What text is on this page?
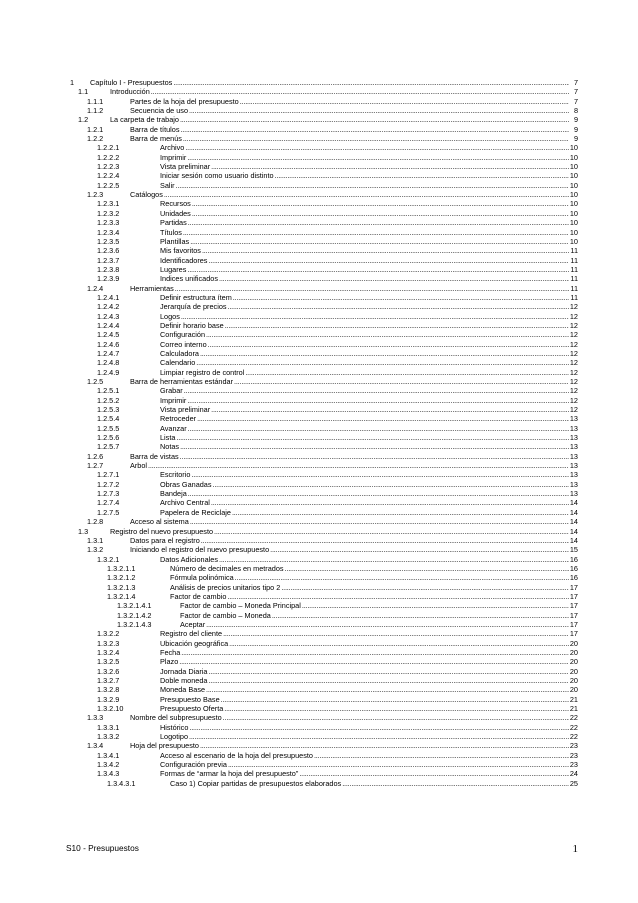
1 Capítulo I - Presupuestos .....	7
1.1	Introducción .....	7
1.1.1	Partes de la hoja del presupuesto .....	7
1.1.2	Secuencia de uso .....	8
1.2	La carpeta de trabajo .....	9
1.2.1	Barra de títulos .....	9
1.2.2	Barra de menús .....	9
1.2.2.1	Archivo .....	10
1.2.2.2	Imprimir .....	10
1.2.2.3	Vista preliminar .....	10
1.2.2.4	Iniciar sesión como usuario distinto .....	10
1.2.2.5	Salir .....	10
1.2.3	Catálogos .....	10
1.2.3.1	Recursos .....	10
1.2.3.2	Unidades .....	10
1.2.3.3	Partidas .....	10
1.2.3.4	Títulos .....	10
1.2.3.5	Plantillas .....	10
1.2.3.6	Mis favoritos .....	11
1.2.3.7	Identificadores .....	11
1.2.3.8	Lugares .....	11
1.2.3.9	Indices unificados .....	11
1.2.4	Herramientas .....	11
1.2.4.1	Definir estructura ítem .....	11
1.2.4.2	Jerarquía de precios .....	12
1.2.4.3	Logos .....	12
1.2.4.4	Definir horario base .....	12
1.2.4.5	Configuración .....	12
1.2.4.6	Correo interno .....	12
1.2.4.7	Calculadora .....	12
1.2.4.8	Calendario .....	12
1.2.4.9	Limpiar registro de control .....	12
1.2.5	Barra de herramientas estándar .....	12
1.2.5.1	Grabar .....	12
1.2.5.2	Imprimir .....	12
1.2.5.3	Vista preliminar .....	12
1.2.5.4	Retroceder .....	13
1.2.5.5	Avanzar .....	13
1.2.5.6	Lista .....	13
1.2.5.7	Notas .....	13
1.2.6	Barra de vistas .....	13
1.2.7	Arbol .....	13
1.2.7.1	Escritorio .....	13
1.2.7.2	Obras Ganadas .....	13
1.2.7.3	Bandeja .....	13
1.2.7.4	Archivo Central .....	14
1.2.7.5	Papelera de Reciclaje .....	14
1.2.8	Acceso al sistema .....	14
1.3	Registro del nuevo presupuesto .....	14
1.3.1	Datos para el registro .....	14
1.3.2	Iniciando el registro del nuevo presupuesto .....	15
1.3.2.1	Datos Adicionales .....	16
1.3.2.1.1	Número de decimales en metrados .....	16
1.3.2.1.2	Fórmula polinómica .....	16
1.3.2.1.3	Análisis de precios unitarios tipo 2 .....	17
1.3.2.1.4	Factor de cambio .....	17
1.3.2.1.4.1	Factor de cambio – Moneda Principal .....	17
1.3.2.1.4.2	Factor de cambio – Moneda .....	17
1.3.2.1.4.3	Aceptar .....	17
1.3.2.2	Registro del cliente .....	17
1.3.2.3	Ubicación geográfica .....	20
1.3.2.4	Fecha .....	20
1.3.2.5	Plazo .....	20
1.3.2.6	Jornada Diaria .....	20
1.3.2.7	Doble moneda .....	20
1.3.2.8	Moneda Base .....	20
1.3.2.9	Presupuesto Base .....	21
1.3.2.10	Presupuesto Oferta .....	21
1.3.3	Nombre del subpresupuesto .....	22
1.3.3.1	Histórico .....	22
1.3.3.2	Logotipo .....	22
1.3.4	Hoja del presupuesto .....	23
1.3.4.1	Acceso al escenario de la hoja del presupuesto .....	23
1.3.4.2	Configuración previa .....	23
1.3.4.3	Formas de “armar la hoja del presupuesto” .....	24
1.3.4.3.1	Caso 1) Copiar partidas de presupuestos elaborados .....	25
S10 - Presupuestos	1
